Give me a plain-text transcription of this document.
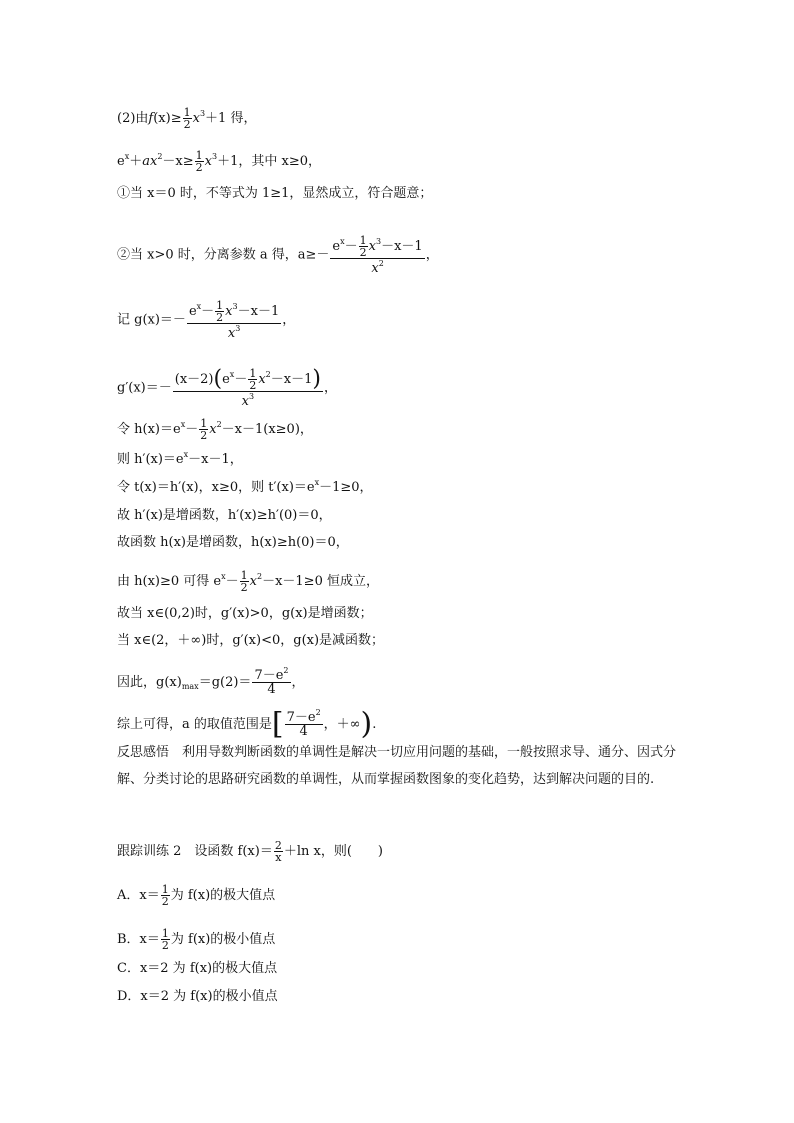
(2)由$f(x)\ge \frac{1}{2} x^3+1$ 得，
$e^x+ax^2-x\ge \frac{1}{2} x^3+1$，其中 x≥0，
①当 x＝0 时，不等式为 1≥1，显然成立，符合题意；
②当 x>0 时，分离参数 a 得，$a\ge- \frac{e^x- \frac{1}{2} x^3-x-1}{x^2}$ ，
记 $g(x)=- \frac{e^x- \frac{1}{2} x^3-x-1}{x^3}$ ，
$g'(x)=- \frac{(x-2)(e^x- \frac{1}{2} x^2-x-1)}{x^3}$ ，
令 $h(x)=e^x- \frac{1}{2} x^2-x-1(x\ge 0)$，
则 $h'(x)=e^x-x-1$，
令 t(x)＝h′(x)，x≥0，则 $t'(x)=e^x-1\ge 0$，
故 h′(x)是增函数，h′(x)≥h′(0)＝0，
故函数 h(x)是增函数，h(x)≥h(0)＝0，
由 h(x)≥0 可得 $e^x- \frac{1}{2} x^2-x-1\ge 0$ 恒成立，
故当 x∈(0,2)时，g′(x)>0，g(x)是增函数；
当 x∈(2，＋∞)时，g′(x)<0，g(x)是减函数；
因此，$g(x)_{max}=g(2)= \frac{7-e^2}{4}$ ，
综上可得，a 的取值范围是[ $\frac{7-e^2}{4}$ ，＋∞).
反思感悟　利用导数判断函数的单调性是解决一切应用问题的基础，一般按照求导、通分、因式分解、分类讨论的思路研究函数的单调性，从而掌握函数图象的变化趋势，达到解决问题的目的.
跟踪训练 2　设函数 $f(x)= \frac{2}{x} +\ln$ x，则(　　)
A．$x= \frac{1}{2}$ 为 f(x)的极大值点
B．$x= \frac{1}{2}$ 为 f(x)的极小值点
C．x＝2 为 f(x)的极大值点
D．x＝2 为 f(x)的极小值点
